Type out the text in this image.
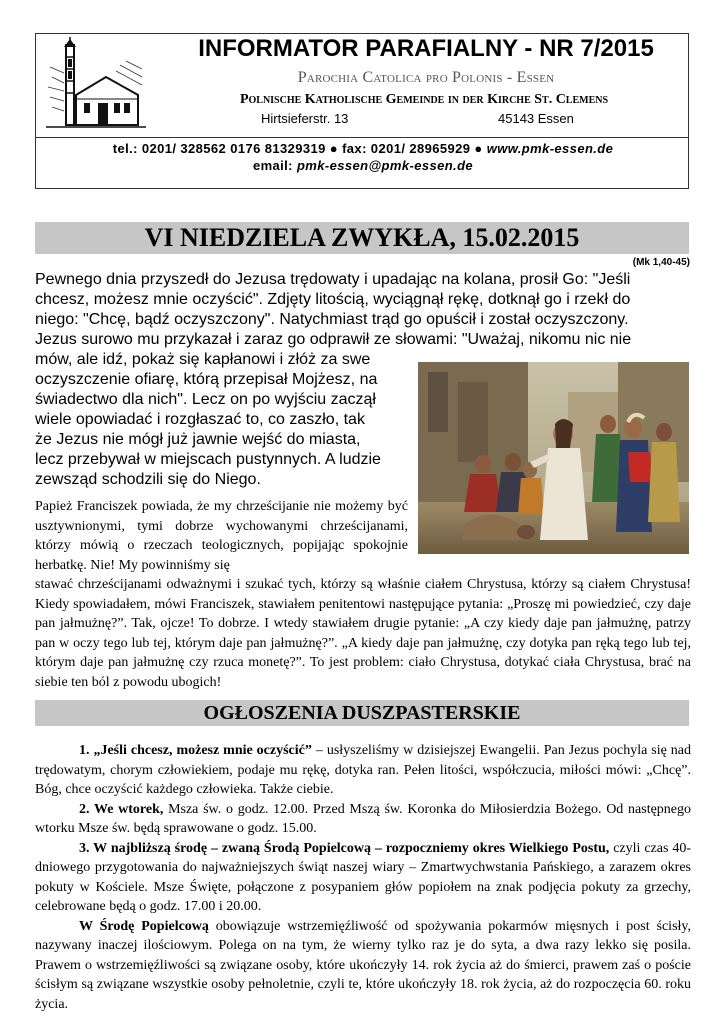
INFORMATOR PARAFIALNY - NR 7/2015
Parochia Catolica pro Polonis - Essen
Polnische Katholische Gemeinde in der Kirche St. Clemens
Hirtsieferstr. 13	45143 Essen
tel.: 0201/ 328562 0176 81329319 ● fax: 0201/ 28965929 ● www.pmk-essen.de
email: pmk-essen@pmk-essen.de
VI NIEDZIELA ZWYKŁA, 15.02.2015
(Mk 1,40-45)
Pewnego dnia przyszedł do Jezusa trędowaty i upadając na kolana, prosił Go: "Jeśli
chcesz, możesz mnie oczyścić". Zdjęty litością, wyciągnął rękę, dotknął go i rzekł do
niego: "Chcę, bądź oczyszczony". Natychmiast trąd go opuścił i został oczyszczony.
Jezus surowo mu przykazał i zaraz go odprawił ze słowami: "Uważaj, nikomu nic nie
mów, ale idź, pokaż się kapłanowi i złóż za swe
oczyszczenie ofiarę, którą przepisał Mojżesz, na
świadectwo dla nich". Lecz on po wyjściu zaczął
wiele opowiadać i rozgłaszać to, co zaszło, tak
że Jezus nie mógł już jawnie wejść do miasta,
lecz przebywał w miejscach pustynnych. A ludzie
zewsząd schodzili się do Niego.
Papież Franciszek powiada, że my chrześcijanie nie możemy być usztywnionymi, tymi dobrze wychowanymi chrześcijanami, którzy mówią o rzeczach teologicznych, popijając spokojnie herbatkę. Nie! My powinniśmy się
stawać chrześcijanami odważnymi i szukać tych, którzy są właśnie ciałem Chrystusa, którzy są ciałem Chrystusa! Kiedy spowiadałem, mówi Franciszek, stawiałem penitentowi następujące pytania: „Proszę mi powiedzieć, czy daje pan jałmużnę?”. Tak, ojcze! To dobrze. I wtedy stawiałem drugie pytanie: „A czy kiedy daje pan jałmużnę, patrzy pan w oczy tego lub tej, którym daje pan jałmużnę?”. „A kiedy daje pan jałmużnę, czy dotyka pan ręką tego lub tej, którym daje pan jałmużnę czy rzuca monetę?”. To jest problem: ciało Chrystusa, dotykać ciała Chrystusa, brać na siebie ten ból z powodu ubogich!
OGŁOSZENIA DUSZPASTERSKIE

1. „Jeśli chcesz, możesz mnie oczyścić” – usłyszeliśmy w dzisiejszej Ewangelii. Pan Jezus pochyla się nad trędowatym, chorym człowiekiem, podaje mu rękę, dotyka ran. Pełen litości, współczucia, miłości mówi: „Chcę”. Bóg, chce oczyścić każdego człowieka. Także ciebie.

2. We wtorek, Msza św. o godz. 12.00. Przed Mszą św. Koronka do Miłosierdzia Bożego. Od następnego wtorku Msze św. będą sprawowane o godz. 15.00.

3. W najbliższą środę – zwaną Środą Popielcową – rozpoczniemy okres Wielkiego Postu, czyli czas 40-dniowego przygotowania do najważniejszych świąt naszej wiary – Zmartwychwstania Pańskiego, a zarazem okres pokuty w Kościele. Msze Święte, połączone z posypaniem głów popiołem na znak podjęcia pokuty za grzechy, celebrowane będą o godz. 17.00 i 20.00.

W Środę Popielcową obowiązuje wstrzemięźliwość od spożywania pokarmów mięsnych i post ścisły, nazywany inaczej ilościowym. Polega on na tym, że wierny tylko raz je do syta, a dwa razy lekko się posila. Prawem o wstrzemięźliwości są związane osoby, które ukończyły 14. rok życia aż do śmierci, prawem zaś o poście ścisłym są związane wszystkie osoby pełnoletnie, czyli te, które ukończyły 18. rok życia, aż do rozpoczęcia 60. roku życia.
